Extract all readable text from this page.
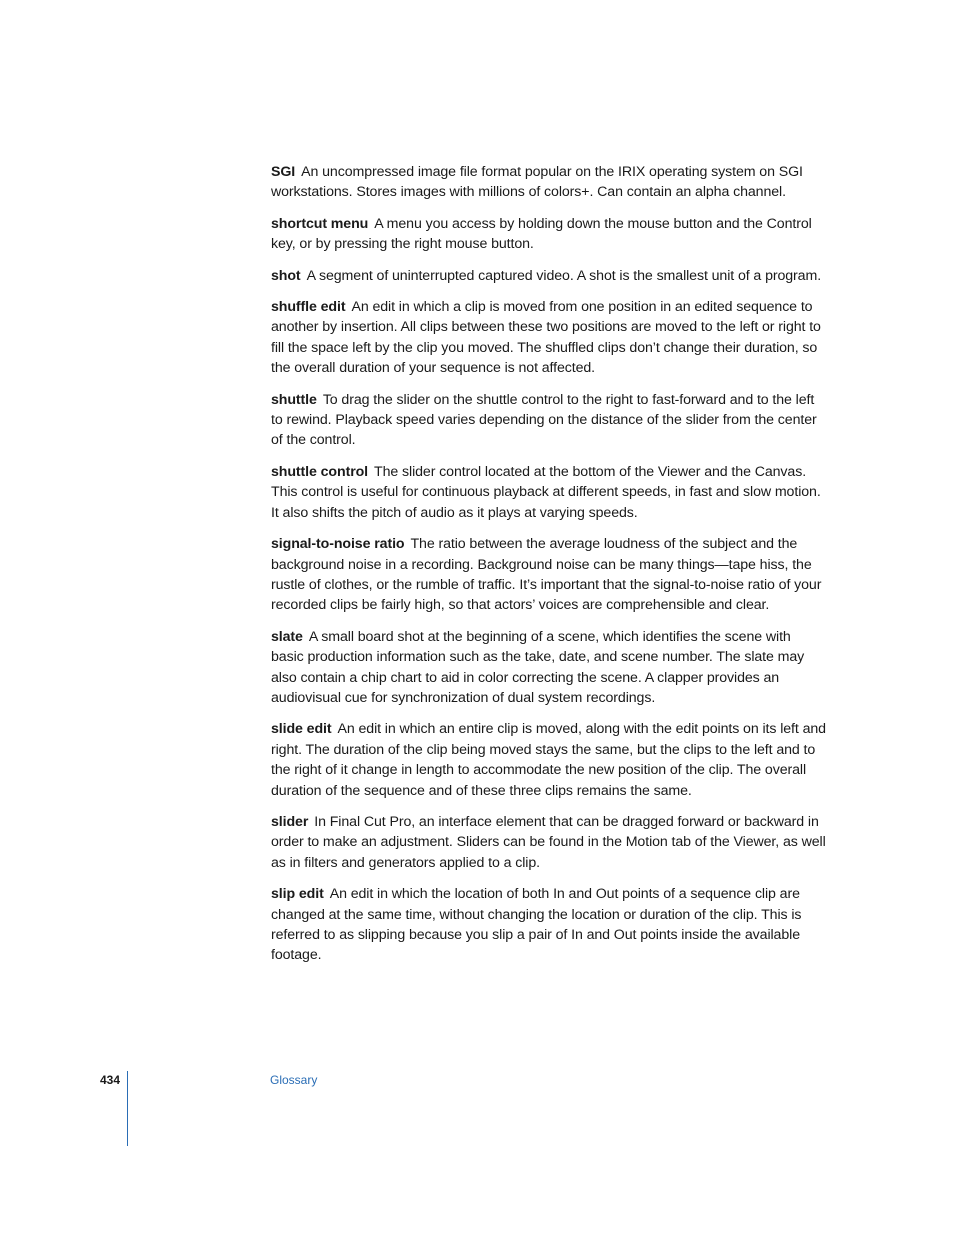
SGI An uncompressed image file format popular on the IRIX operating system on SGI workstations. Stores images with millions of colors+. Can contain an alpha channel.

shortcut menu A menu you access by holding down the mouse button and the Control key, or by pressing the right mouse button.

shot A segment of uninterrupted captured video. A shot is the smallest unit of a program.

shuffle edit An edit in which a clip is moved from one position in an edited sequence to another by insertion. All clips between these two positions are moved to the left or right to fill the space left by the clip you moved. The shuffled clips don’t change their duration, so the overall duration of your sequence is not affected.

shuttle To drag the slider on the shuttle control to the right to fast-forward and to the left to rewind. Playback speed varies depending on the distance of the slider from the center of the control.

shuttle control The slider control located at the bottom of the Viewer and the Canvas. This control is useful for continuous playback at different speeds, in fast and slow motion. It also shifts the pitch of audio as it plays at varying speeds.

signal-to-noise ratio The ratio between the average loudness of the subject and the background noise in a recording. Background noise can be many things—tape hiss, the rustle of clothes, or the rumble of traffic. It’s important that the signal-to-noise ratio of your recorded clips be fairly high, so that actors’ voices are comprehensible and clear.

slate A small board shot at the beginning of a scene, which identifies the scene with basic production information such as the take, date, and scene number. The slate may also contain a chip chart to aid in color correcting the scene. A clapper provides an audiovisual cue for synchronization of dual system recordings.

slide edit An edit in which an entire clip is moved, along with the edit points on its left and right. The duration of the clip being moved stays the same, but the clips to the left and to the right of it change in length to accommodate the new position of the clip. The overall duration of the sequence and of these three clips remains the same.

slider In Final Cut Pro, an interface element that can be dragged forward or backward in order to make an adjustment. Sliders can be found in the Motion tab of the Viewer, as well as in filters and generators applied to a clip.

slip edit An edit in which the location of both In and Out points of a sequence clip are changed at the same time, without changing the location or duration of the clip. This is referred to as slipping because you slip a pair of In and Out points inside the available footage.

434	Glossary
